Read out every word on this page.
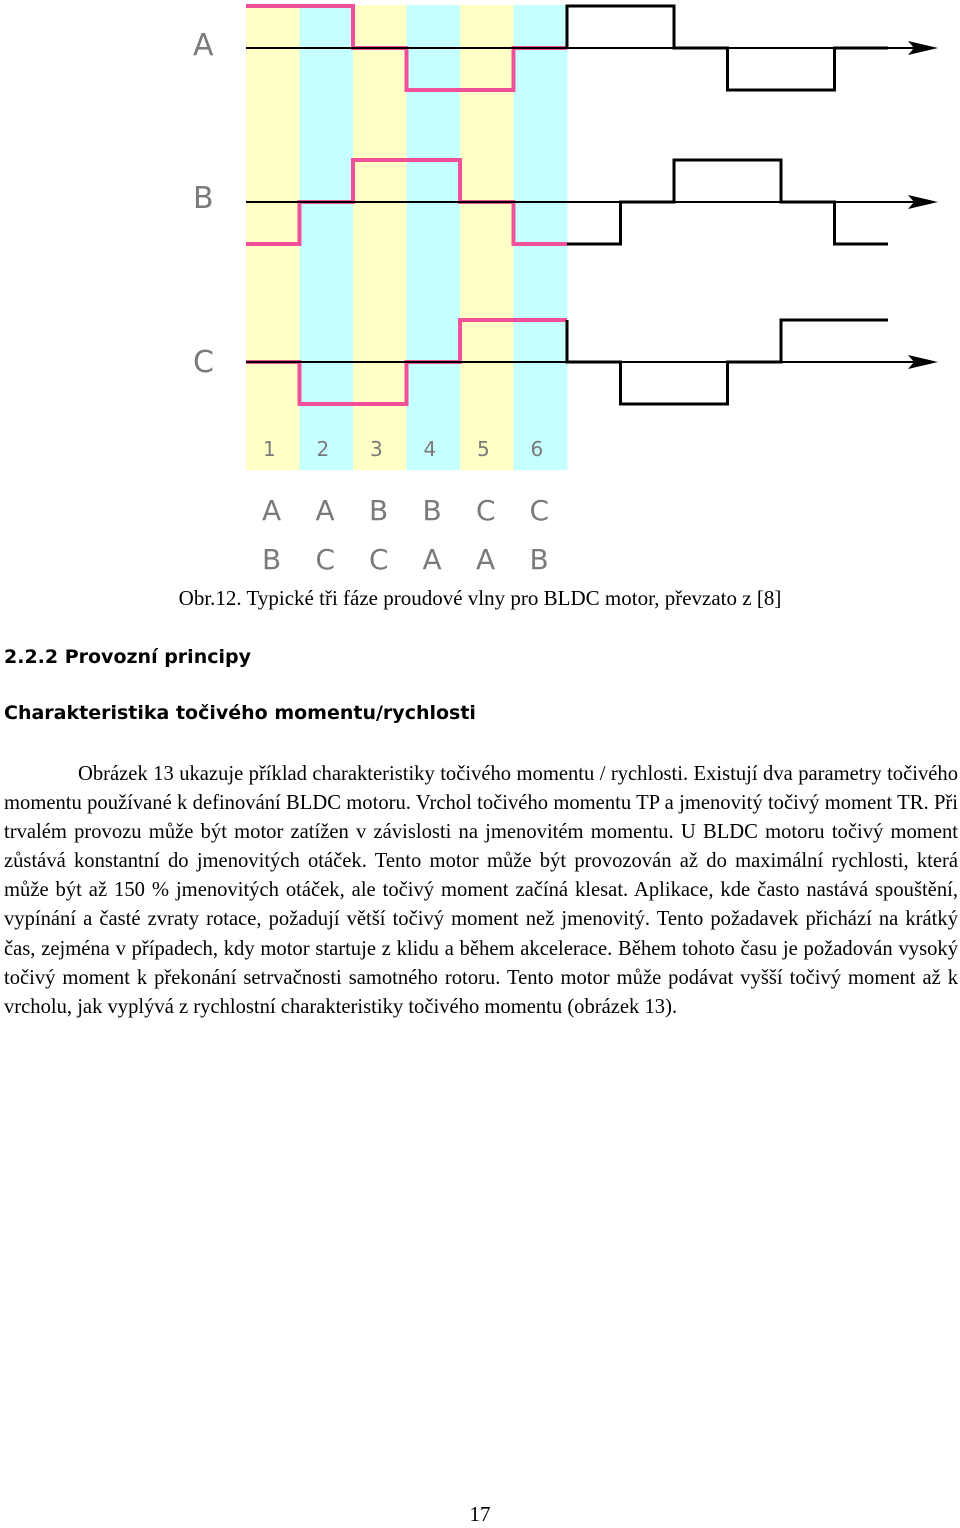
A
B
C
1 2 3 4 5 6
A A B B C C
B C C A A B
Obr.12. Typické tři fáze proudové vlny pro BLDC motor, převzato z [8]
2.2.2 Provozní principy
Charakteristika točivého momentu/rychlosti
Obrázek 13 ukazuje příklad charakteristiky točivého momentu / rychlosti. Existují dva parametry točivého momentu používané k definování BLDC motoru. Vrchol točivého momentu TP a jmenovitý točivý moment TR. Při trvalém provozu může být motor zatížen v závislosti na jmenovitém momentu. U BLDC motoru točivý moment zůstává konstantní do jmenovitých otáček. Tento motor může být provozován až do maximální rychlosti, která může být až 150 % jmenovitých otáček, ale točivý moment začíná klesat. Aplikace, kde často nastává spouštění, vypínání a časté zvraty rotace, požadují větší točivý moment než jmenovitý. Tento požadavek přichází na krátký čas, zejména v případech, kdy motor startuje z klidu a během akcelerace. Během tohoto času je požadován vysoký točivý moment k překonání setrvačnosti samotného rotoru. Tento motor může podávat vyšší točivý moment až k vrcholu, jak vyplývá z rychlostní charakteristiky točivého momentu (obrázek 13).
17
